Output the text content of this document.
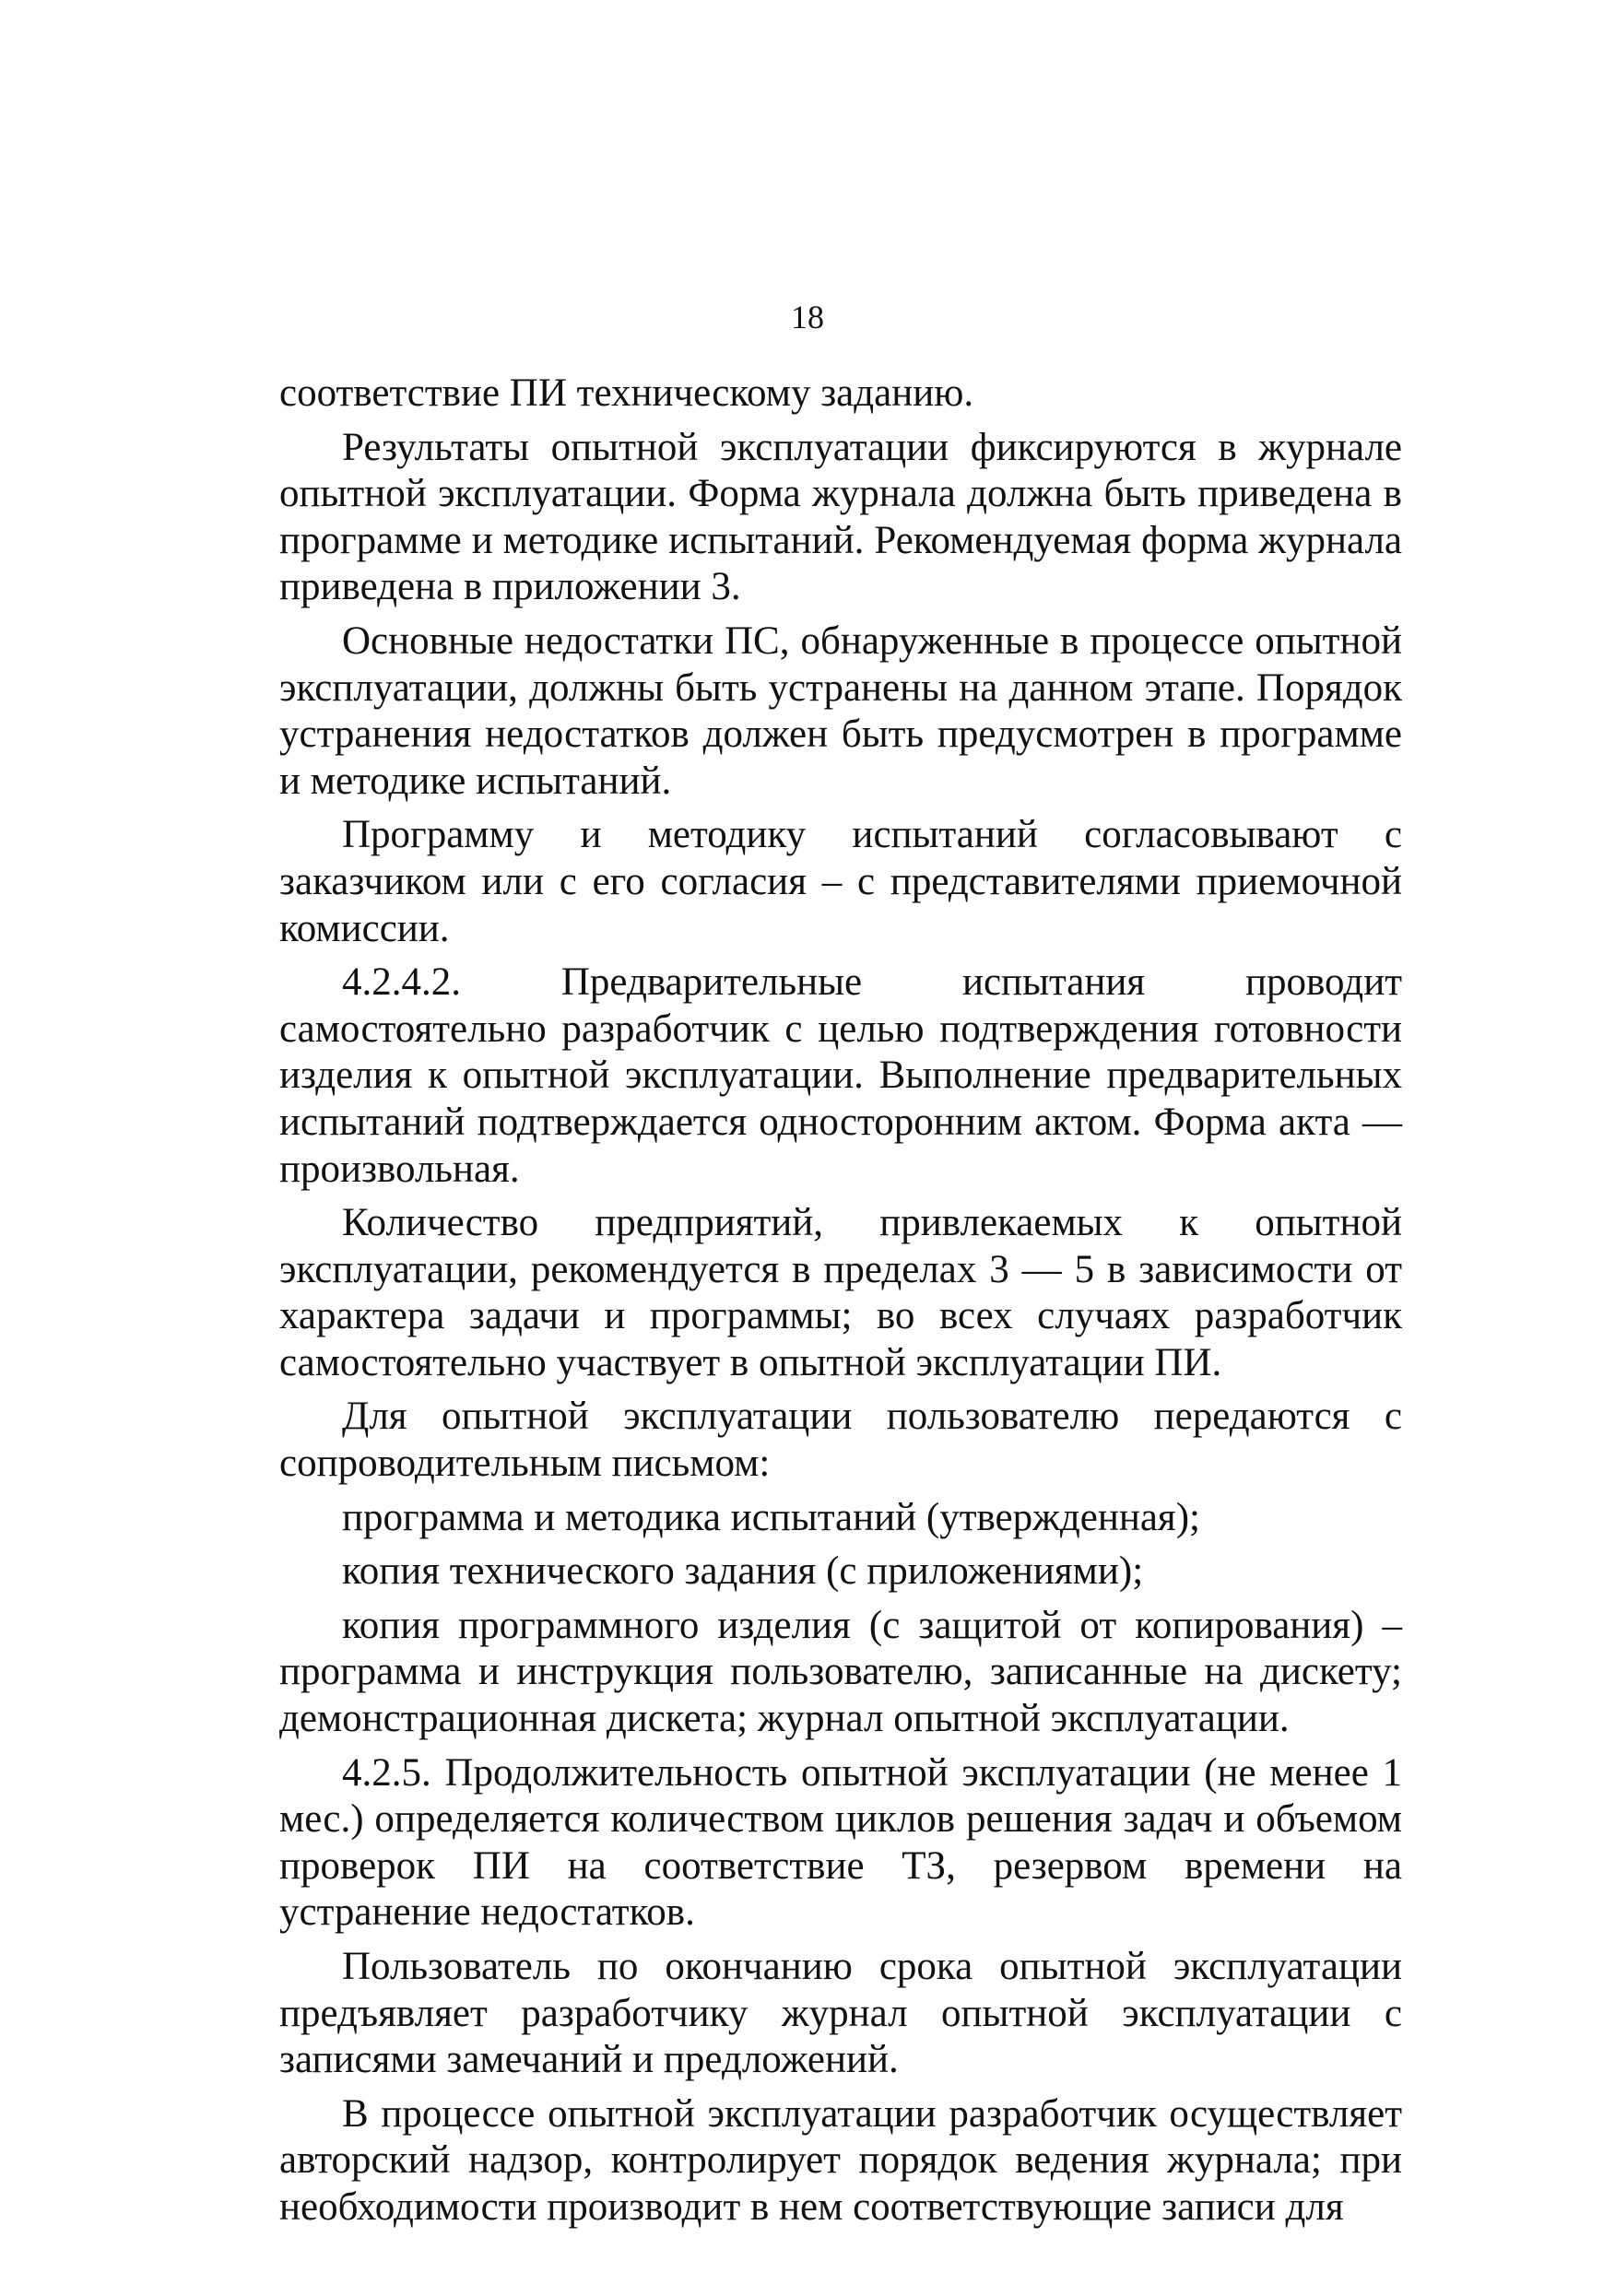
18

соответствие ПИ техническому заданию.

Результаты опытной эксплуатации фиксируются в журнале опытной эксплуатации. Форма журнала должна быть приведена в программе и методике испытаний. Рекомендуемая форма журнала приведена в приложении 3.

Основные недостатки ПС, обнаруженные в процессе опытной эксплуатации, должны быть устранены на данном этапе. Порядок устранения недостатков должен быть предусмотрен в программе и методике испытаний.

Программу и методику испытаний согласовывают с заказчиком или с его согласия – с представителями приемочной комиссии.

4.2.4.2. Предварительные испытания проводит самостоятельно разработчик с целью подтверждения готовности изделия к опытной эксплуатации. Выполнение предварительных испытаний подтверждается односторонним актом. Форма акта — произвольная.

Количество предприятий, привлекаемых к опытной эксплуатации, рекомендуется в пределах 3 — 5 в зависимости от характера задачи и программы; во всех случаях разработчик самостоятельно участвует в опытной эксплуатации ПИ.

Для опытной эксплуатации пользователю передаются с сопроводительным письмом:

программа и методика испытаний (утвержденная);

копия технического задания (с приложениями);

копия программного изделия (с защитой от копирования) – программа и инструкция пользователю, записанные на дискету; демонстрационная дискета; журнал опытной эксплуатации.

4.2.5. Продолжительность опытной эксплуатации (не менее 1 мес.) определяется количеством циклов решения задач и объемом проверок ПИ на соответствие ТЗ, резервом времени на устранение недостатков.

Пользователь по окончанию срока опытной эксплуатации предъявляет разработчику журнал опытной эксплуатации с записями замечаний и предложений.

В процессе опытной эксплуатации разработчик осуществляет авторский надзор, контролирует порядок ведения журнала; при необходимости производит в нем соответствующие записи для
